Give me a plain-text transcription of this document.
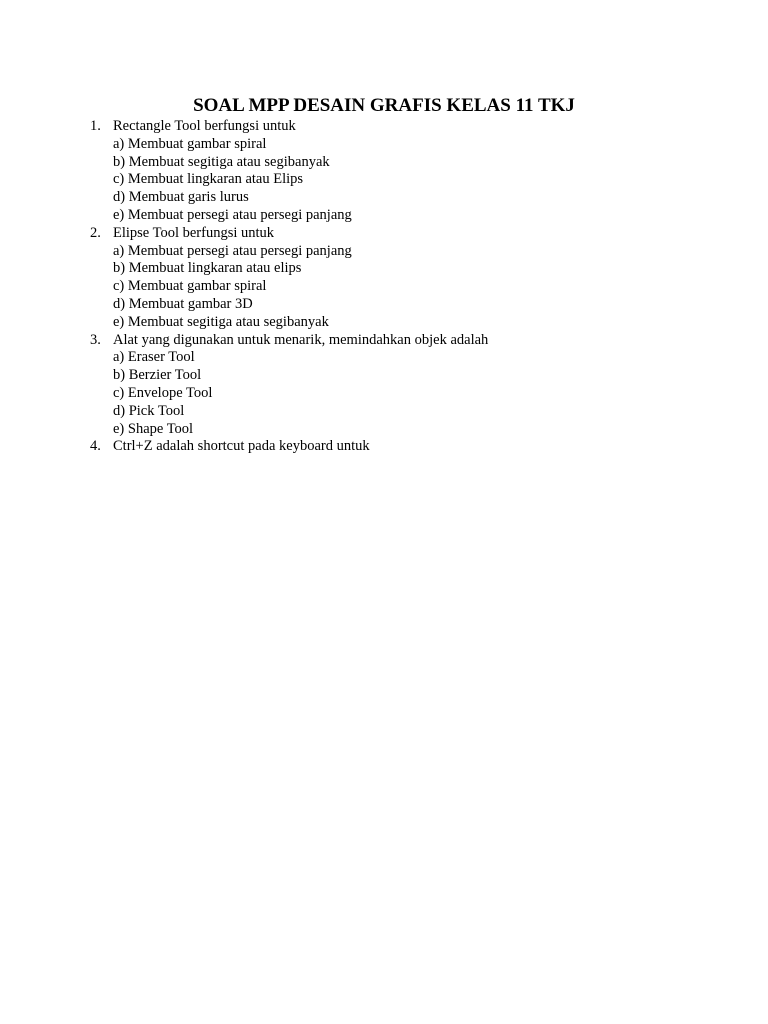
SOAL MPP DESAIN GRAFIS KELAS 11 TKJ
1. Rectangle Tool berfungsi untuk
a) Membuat gambar spiral
b) Membuat segitiga atau segibanyak
c) Membuat lingkaran atau Elips
d) Membuat garis lurus
e) Membuat persegi atau persegi panjang
2. Elipse Tool berfungsi untuk
a) Membuat persegi atau persegi panjang
b) Membuat lingkaran atau elips
c) Membuat gambar spiral
d) Membuat gambar 3D
e) Membuat segitiga atau segibanyak
3. Alat yang digunakan untuk menarik, memindahkan objek adalah
a) Eraser Tool
b) Berzier Tool
c) Envelope Tool
d) Pick Tool
e) Shape Tool
4. Ctrl+Z adalah shortcut pada keyboard untuk
